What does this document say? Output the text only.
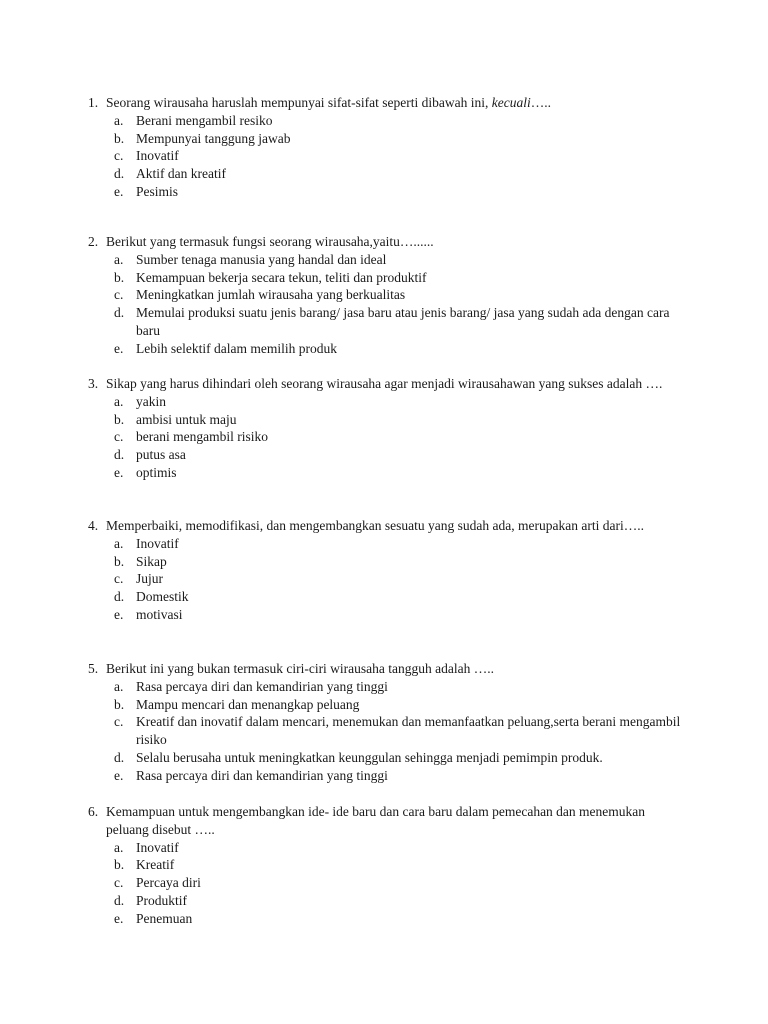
1. Seorang wirausaha haruslah mempunyai sifat-sifat seperti dibawah ini, kecuali…..
a. Berani mengambil resiko
b. Mempunyai tanggung jawab
c. Inovatif
d. Aktif dan kreatif
e. Pesimis
2. Berikut yang termasuk fungsi seorang wirausaha,yaitu…......
a. Sumber tenaga manusia yang handal dan ideal
b. Kemampuan bekerja secara tekun, teliti dan produktif
c. Meningkatkan jumlah wirausaha yang berkualitas
d. Memulai produksi suatu jenis barang/ jasa baru atau jenis barang/ jasa yang sudah ada dengan cara baru
e. Lebih selektif dalam memilih produk
3. Sikap yang harus dihindari oleh seorang wirausaha agar menjadi wirausahawan yang sukses adalah ….
a. yakin
b. ambisi untuk maju
c. berani mengambil risiko
d. putus asa
e. optimis
4. Memperbaiki, memodifikasi, dan mengembangkan sesuatu yang sudah ada, merupakan arti dari…..
a. Inovatif
b. Sikap
c. Jujur
d. Domestik
e. motivasi
5. Berikut ini yang bukan termasuk ciri-ciri wirausaha tangguh adalah …..
a. Rasa percaya diri dan kemandirian yang tinggi
b. Mampu mencari dan menangkap peluang
c. Kreatif dan inovatif dalam mencari, menemukan dan memanfaatkan peluang,serta berani mengambil risiko
d. Selalu berusaha untuk meningkatkan keunggulan sehingga menjadi pemimpin produk.
e. Rasa percaya diri dan kemandirian yang tinggi
6. Kemampuan untuk mengembangkan ide- ide baru dan cara baru dalam pemecahan dan menemukan peluang disebut …..
a. Inovatif
b. Kreatif
c. Percaya diri
d. Produktif
e. Penemuan
